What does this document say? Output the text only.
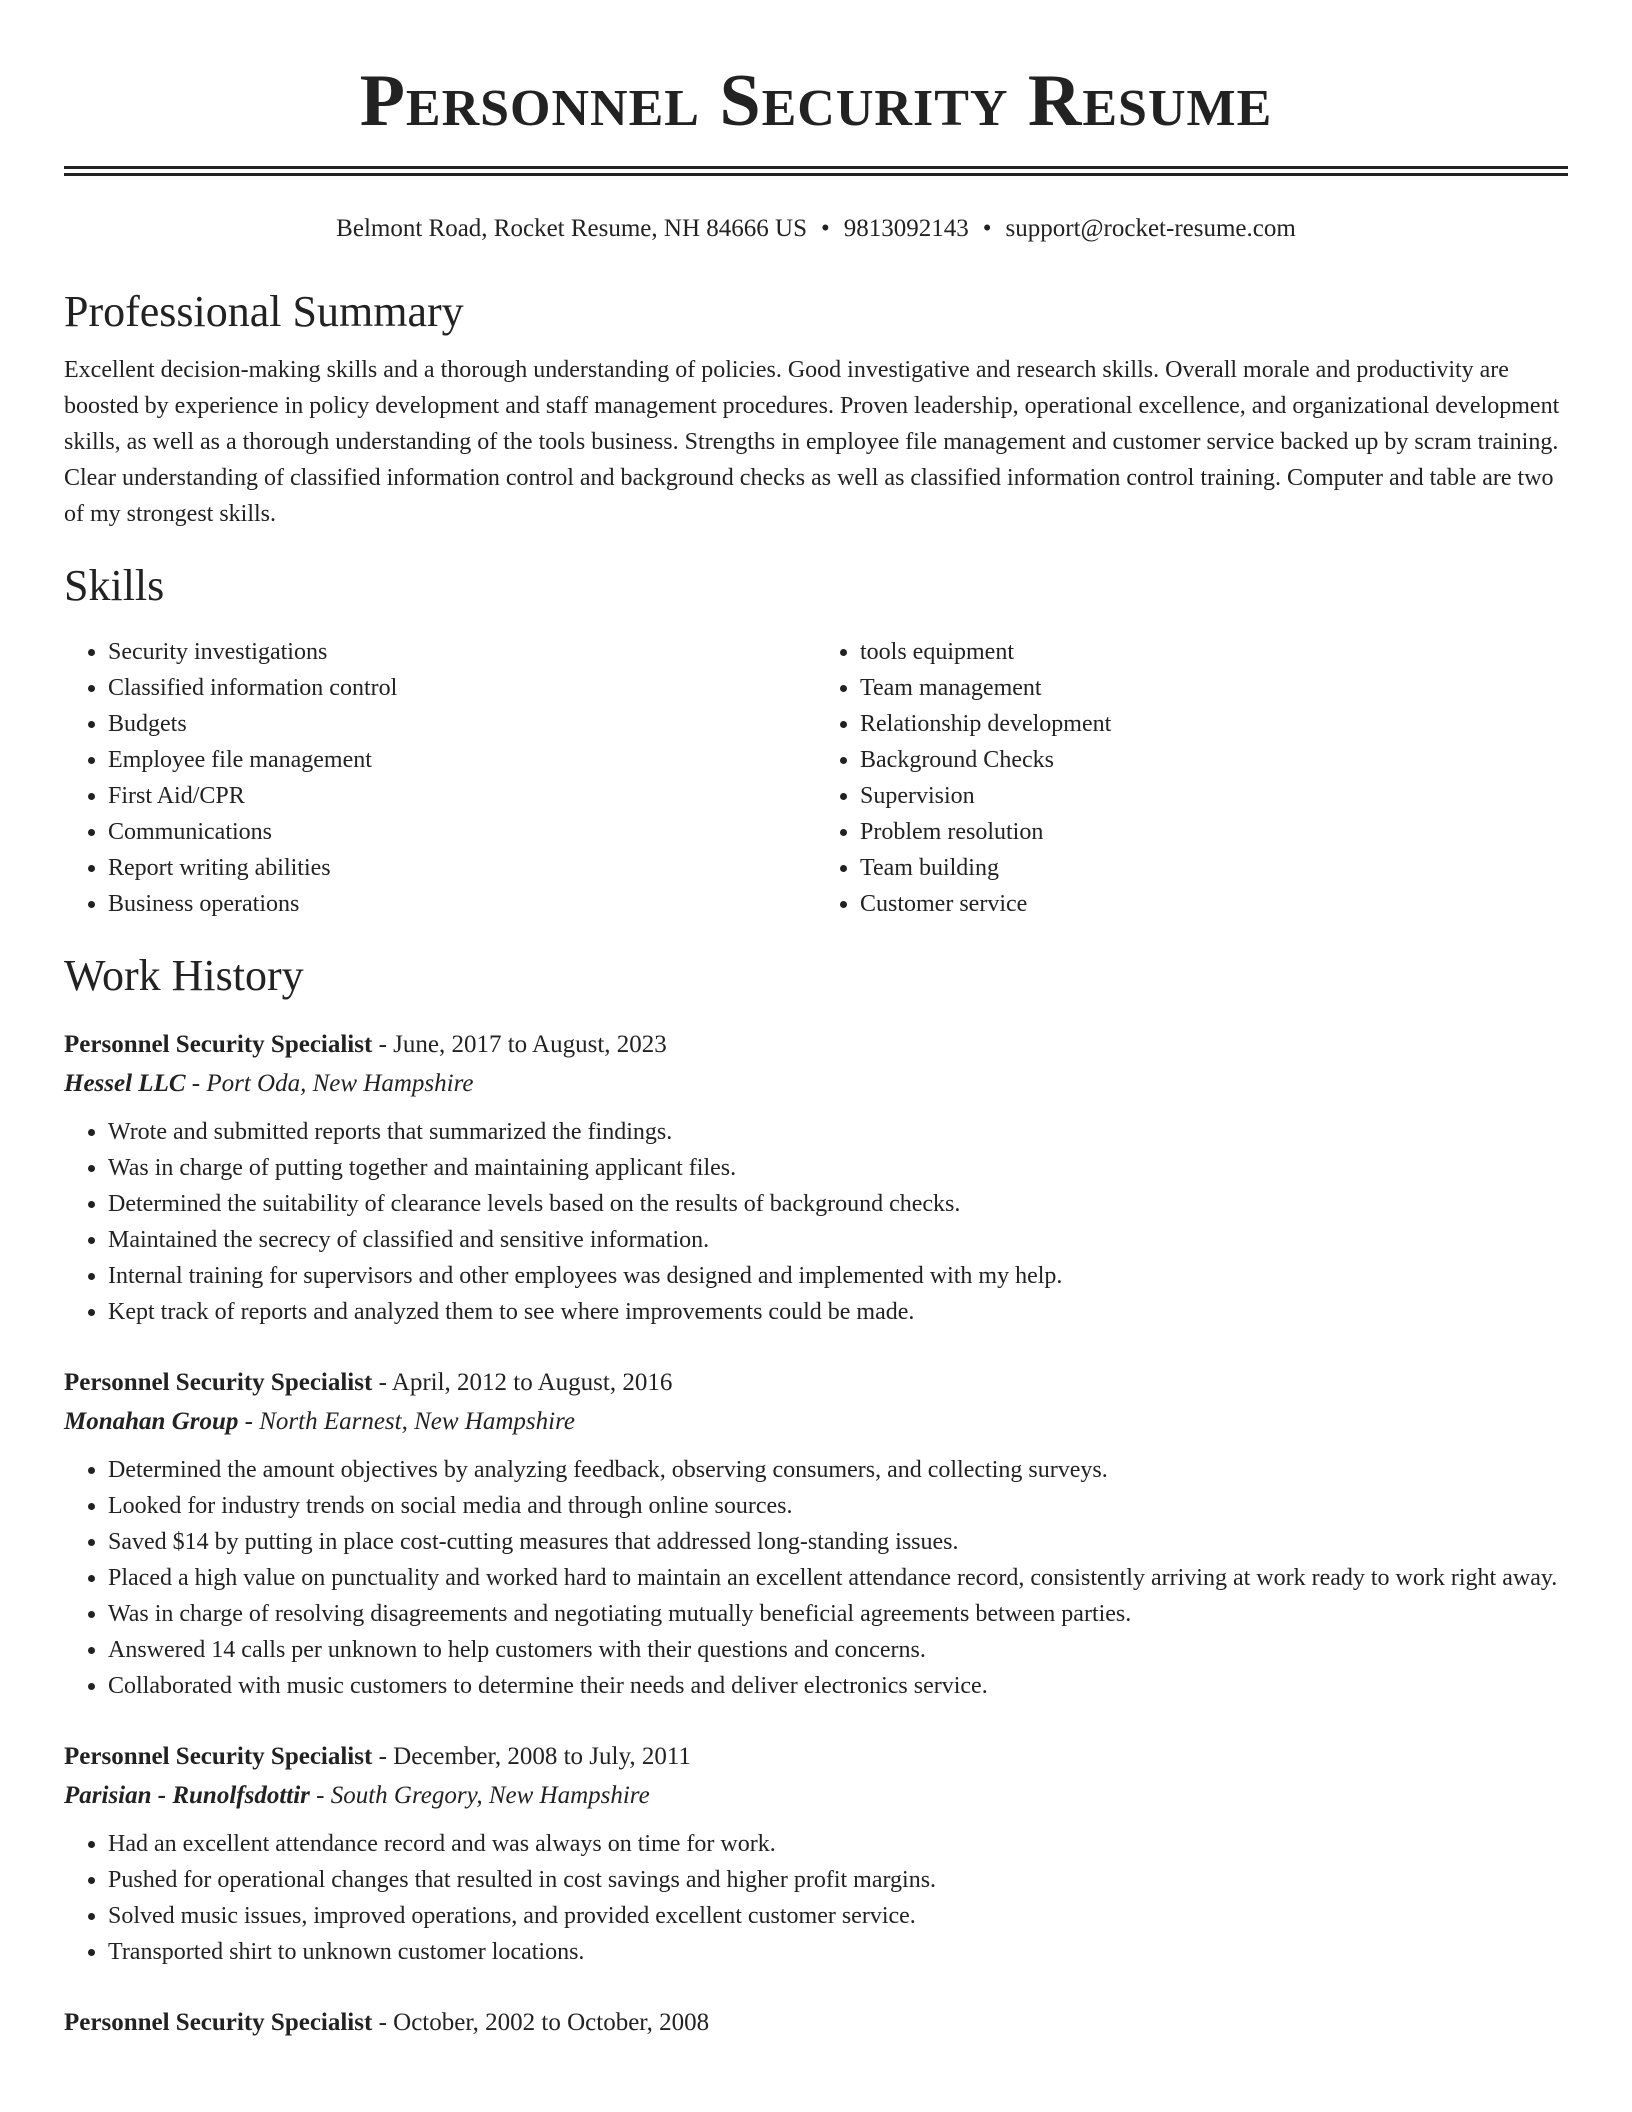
Personnel Security Resume
Belmont Road, Rocket Resume, NH 84666 US • 9813092143 • support@rocket-resume.com
Professional Summary

Excellent decision-making skills and a thorough understanding of policies. Good investigative and research skills. Overall morale and productivity are boosted by experience in policy development and staff management procedures. Proven leadership, operational excellence, and organizational development skills, as well as a thorough understanding of the tools business. Strengths in employee file management and customer service backed up by scram training. Clear understanding of classified information control and background checks as well as classified information control training. Computer and table are two of my strongest skills.

Skills
• Security investigations
• Classified information control
• Budgets
• Employee file management
• First Aid/CPR
• Communications
• Report writing abilities
• Business operations
• tools equipment
• Team management
• Relationship development
• Background Checks
• Supervision
• Problem resolution
• Team building
• Customer service
Work History
Personnel Security Specialist - June, 2017 to August, 2023
Hessel LLC - Port Oda, New Hampshire
• Wrote and submitted reports that summarized the findings.
• Was in charge of putting together and maintaining applicant files.
• Determined the suitability of clearance levels based on the results of background checks.
• Maintained the secrecy of classified and sensitive information.
• Internal training for supervisors and other employees was designed and implemented with my help.
• Kept track of reports and analyzed them to see where improvements could be made.
Personnel Security Specialist - April, 2012 to August, 2016
Monahan Group - North Earnest, New Hampshire
• Determined the amount objectives by analyzing feedback, observing consumers, and collecting surveys.
• Looked for industry trends on social media and through online sources.
• Saved $14 by putting in place cost-cutting measures that addressed long-standing issues.
• Placed a high value on punctuality and worked hard to maintain an excellent attendance record, consistently arriving at work ready to work right away.
• Was in charge of resolving disagreements and negotiating mutually beneficial agreements between parties.
• Answered 14 calls per unknown to help customers with their questions and concerns.
• Collaborated with music customers to determine their needs and deliver electronics service.
Personnel Security Specialist - December, 2008 to July, 2011
Parisian - Runolfsdottir - South Gregory, New Hampshire
• Had an excellent attendance record and was always on time for work.
• Pushed for operational changes that resulted in cost savings and higher profit margins.
• Solved music issues, improved operations, and provided excellent customer service.
• Transported shirt to unknown customer locations.
Personnel Security Specialist - October, 2002 to October, 2008
